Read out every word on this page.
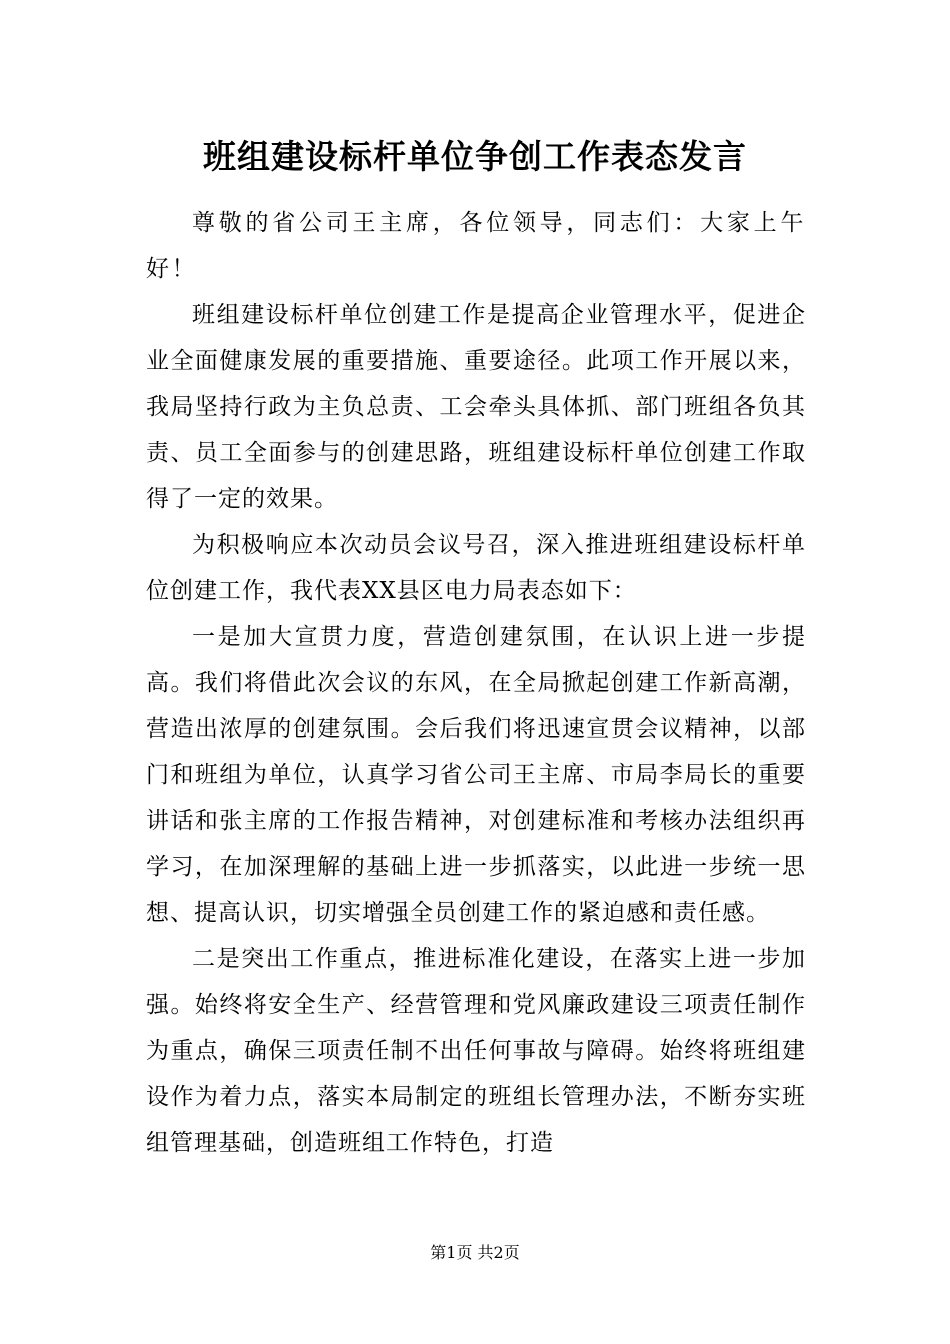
班组建设标杆单位争创工作表态发言

尊敬的省公司王主席，各位领导，同志们：大家上午好！

班组建设标杆单位创建工作是提高企业管理水平，促进企业全面健康发展的重要措施、重要途径。此项工作开展以来，我局坚持行政为主负总责、工会牵头具体抓、部门班组各负其责、员工全面参与的创建思路，班组建设标杆单位创建工作取得了一定的效果。

为积极响应本次动员会议号召，深入推进班组建设标杆单位创建工作，我代表XX县区电力局表态如下：

一是加大宣贯力度，营造创建氛围，在认识上进一步提高。我们将借此次会议的东风，在全局掀起创建工作新高潮，营造出浓厚的创建氛围。会后我们将迅速宣贯会议精神，以部门和班组为单位，认真学习省公司王主席、市局李局长的重要讲话和张主席的工作报告精神，对创建标准和考核办法组织再学习，在加深理解的基础上进一步抓落实，以此进一步统一思想、提高认识，切实增强全员创建工作的紧迫感和责任感。

二是突出工作重点，推进标准化建设，在落实上进一步加强。始终将安全生产、经营管理和党风廉政建设三项责任制作为重点，确保三项责任制不出任何事故与障碍。始终将班组建设作为着力点，落实本局制定的班组长管理办法，不断夯实班组管理基础，创造班组工作特色，打造

第1页 共2页
